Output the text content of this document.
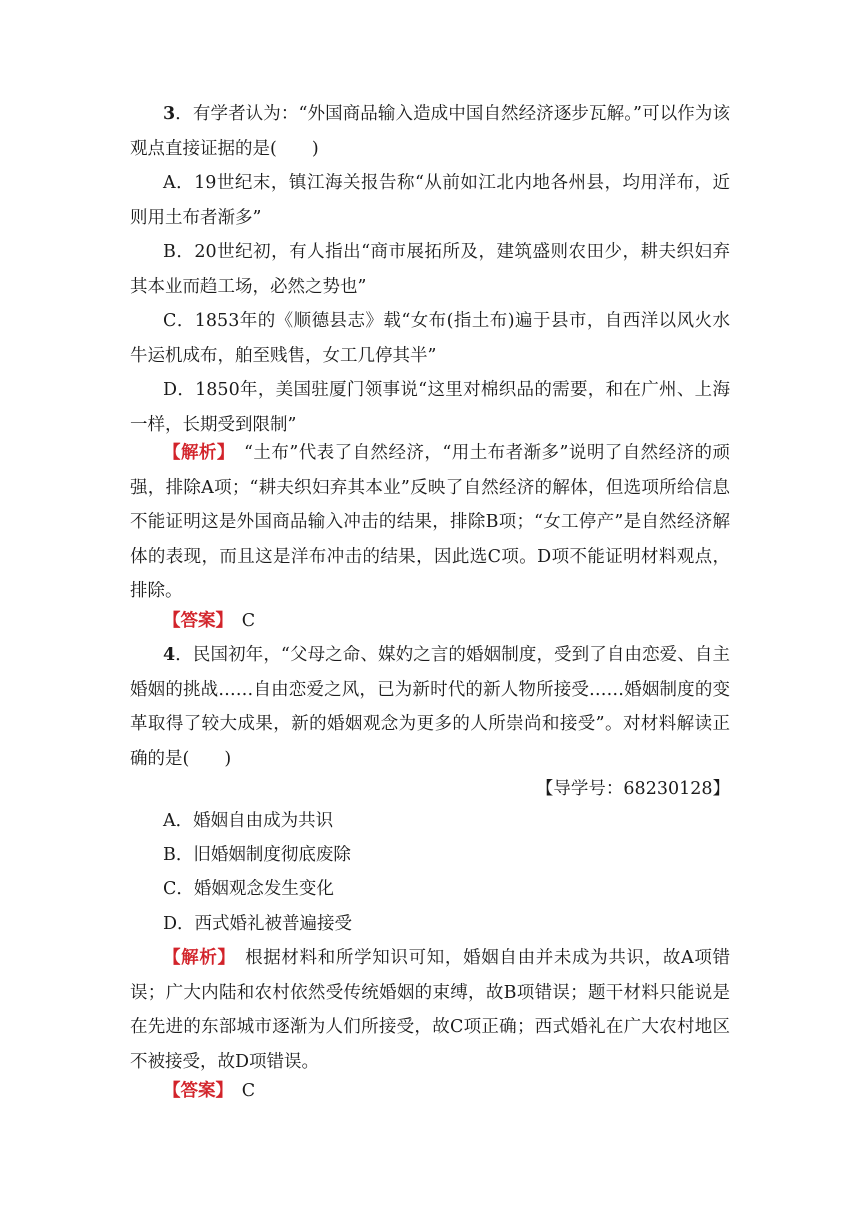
3．有学者认为：“外国商品输入造成中国自然经济逐步瓦解。”可以作为该观点直接证据的是(　　)
A．19世纪末，镇江海关报告称“从前如江北内地各州县，均用洋布，近则用土布者渐多”
B．20世纪初，有人指出“商市展拓所及，建筑盛则农田少，耕夫织妇弃其本业而趋工场，必然之势也”
C．1853年的《顺德县志》载“女布(指土布)遍于县市，自西洋以风火水牛运机成布，舶至贱售，女工几停其半”
D．1850年，美国驻厦门领事说“这里对棉织品的需要，和在广州、上海一样，长期受到限制”
【解析】　 “土布”代表了自然经济，“用土布者渐多”说明了自然经济的顽强，排除A项；“耕夫织妇弃其本业”反映了自然经济的解体，但选项所给信息不能证明这是外国商品输入冲击的结果，排除B项；“女工停产”是自然经济解体的表现，而且这是洋布冲击的结果，因此选C项。D项不能证明材料观点，排除。
【答案】　 C
4．民国初年，“父母之命、媒妁之言的婚姻制度，受到了自由恋爱、自主婚姻的挑战……自由恋爱之风，已为新时代的新人物所接受……婚姻制度的变革取得了较大成果，新的婚姻观念为更多的人所崇尚和接受”。对材料解读正确的是(　　)
【导学号：68230128】
A．婚姻自由成为共识
B．旧婚姻制度彻底废除
C．婚姻观念发生变化
D．西式婚礼被普遍接受
【解析】　 根据材料和所学知识可知，婚姻自由并未成为共识，故A项错误；广大内陆和农村依然受传统婚姻的束缚，故B项错误；题干材料只能说是在先进的东部城市逐渐为人们所接受，故C项正确；西式婚礼在广大农村地区不被接受，故D项错误。
【答案】　 C
